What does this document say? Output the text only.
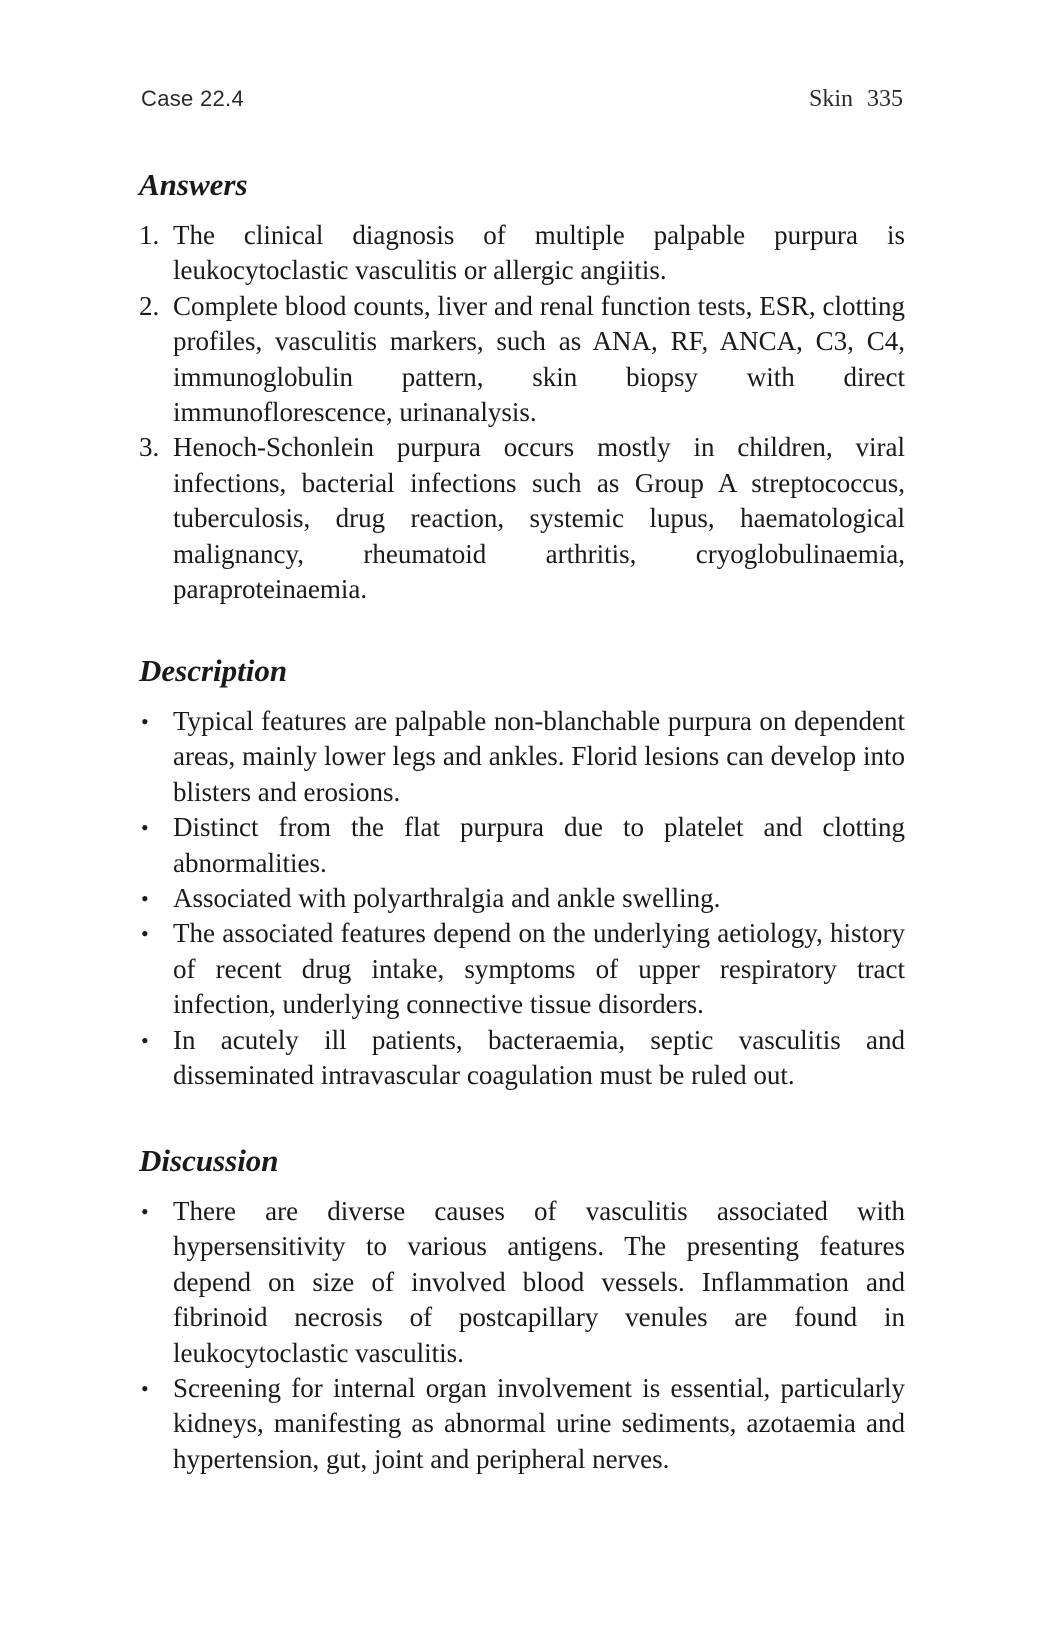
Case 22.4	Skin 335
Answers
1. The clinical diagnosis of multiple palpable purpura is leukocytoclastic vasculitis or allergic angiitis.
2. Complete blood counts, liver and renal function tests, ESR, clotting profiles, vasculitis markers, such as ANA, RF, ANCA, C3, C4, immunoglobulin pattern, skin biopsy with direct immunoflorescence, urinanalysis.
3. Henoch-Schonlein purpura occurs mostly in children, viral infections, bacterial infections such as Group A streptococcus, tuberculosis, drug reaction, systemic lupus, haematological malignancy, rheumatoid arthritis, cryoglobulinaemia, paraproteinaemia.
Description
• Typical features are palpable non-blanchable purpura on dependent areas, mainly lower legs and ankles. Florid lesions can develop into blisters and erosions.
• Distinct from the flat purpura due to platelet and clotting abnormalities.
• Associated with polyarthralgia and ankle swelling.
• The associated features depend on the underlying aetiology, history of recent drug intake, symptoms of upper respiratory tract infection, underlying connective tissue disorders.
• In acutely ill patients, bacteraemia, septic vasculitis and disseminated intravascular coagulation must be ruled out.
Discussion
• There are diverse causes of vasculitis associated with hypersensitivity to various antigens. The presenting features depend on size of involved blood vessels. Inflammation and fibrinoid necrosis of postcapillary venules are found in leukocytoclastic vasculitis.
• Screening for internal organ involvement is essential, particularly kidneys, manifesting as abnormal urine sediments, azotaemia and hypertension, gut, joint and peripheral nerves.
